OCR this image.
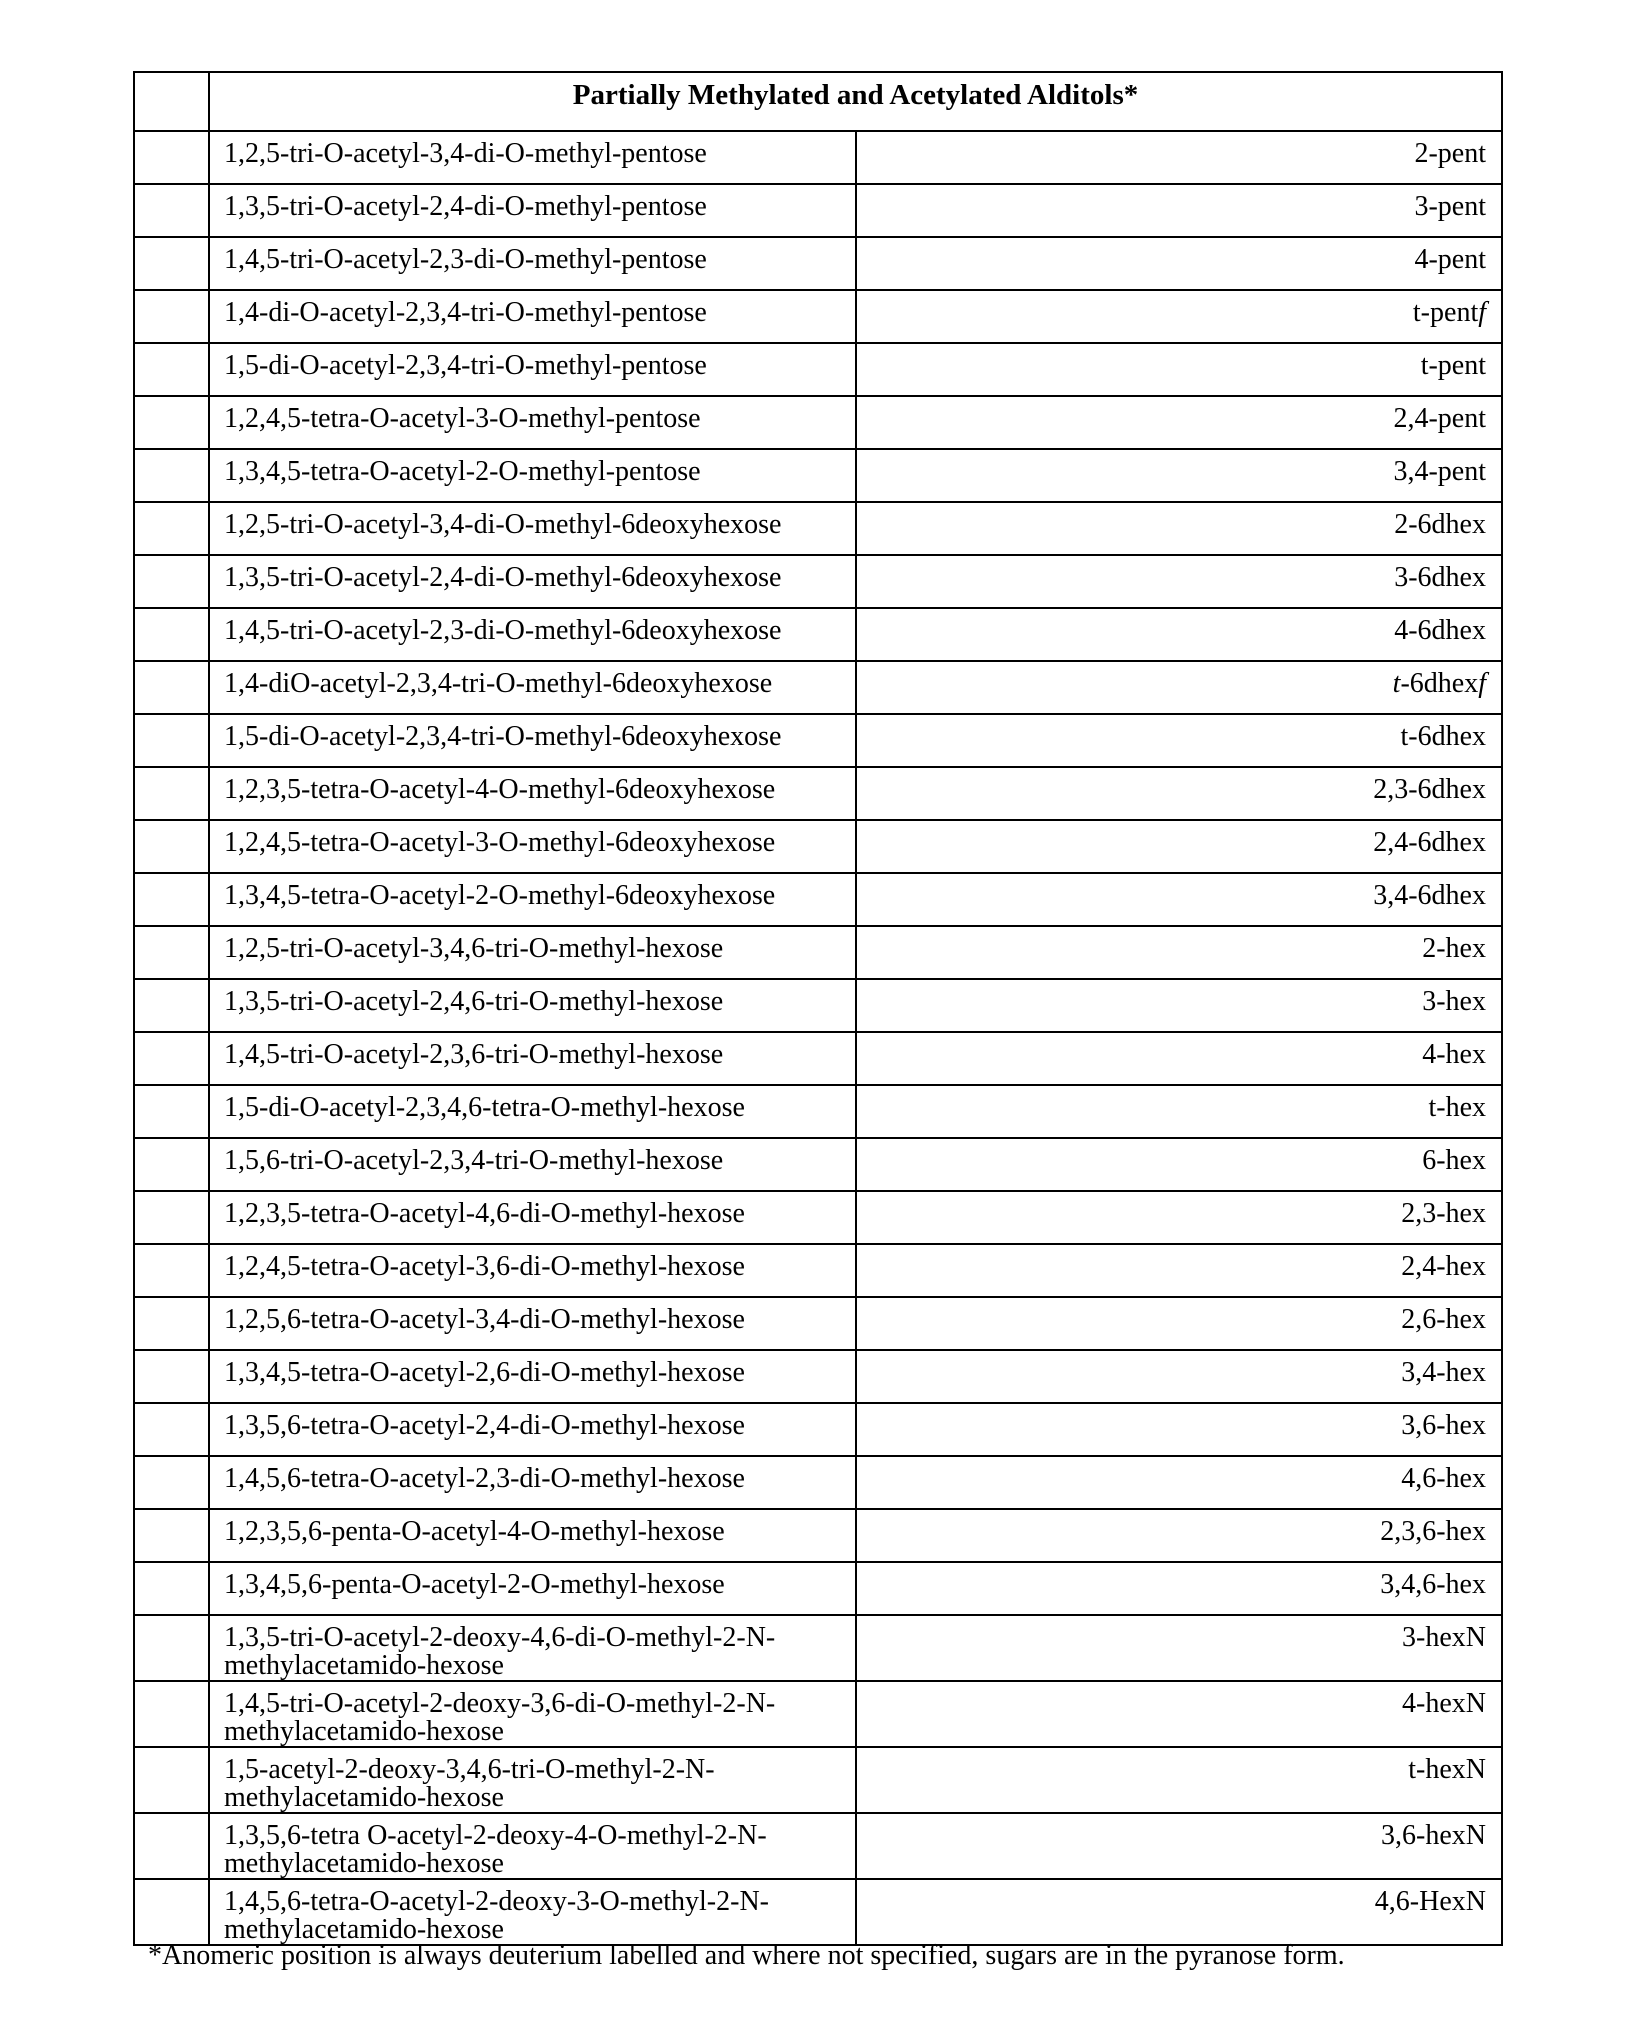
	Partially Methylated and Acetylated Alditols*	
	1,2,5-tri-O-acetyl-3,4-di-O-methyl-pentose	2-pent
	1,3,5-tri-O-acetyl-2,4-di-O-methyl-pentose	3-pent
	1,4,5-tri-O-acetyl-2,3-di-O-methyl-pentose	4-pent
	1,4-di-O-acetyl-2,3,4-tri-O-methyl-pentose	t-pentf
	1,5-di-O-acetyl-2,3,4-tri-O-methyl-pentose	t-pent
	1,2,4,5-tetra-O-acetyl-3-O-methyl-pentose	2,4-pent
	1,3,4,5-tetra-O-acetyl-2-O-methyl-pentose	3,4-pent
	1,2,5-tri-O-acetyl-3,4-di-O-methyl-6deoxyhexose	2-6dhex
	1,3,5-tri-O-acetyl-2,4-di-O-methyl-6deoxyhexose	3-6dhex
	1,4,5-tri-O-acetyl-2,3-di-O-methyl-6deoxyhexose	4-6dhex
	1,4-diO-acetyl-2,3,4-tri-O-methyl-6deoxyhexose	t-6dhexf
	1,5-di-O-acetyl-2,3,4-tri-O-methyl-6deoxyhexose	t-6dhex
	1,2,3,5-tetra-O-acetyl-4-O-methyl-6deoxyhexose	2,3-6dhex
	1,2,4,5-tetra-O-acetyl-3-O-methyl-6deoxyhexose	2,4-6dhex
	1,3,4,5-tetra-O-acetyl-2-O-methyl-6deoxyhexose	3,4-6dhex
	1,2,5-tri-O-acetyl-3,4,6-tri-O-methyl-hexose	2-hex
	1,3,5-tri-O-acetyl-2,4,6-tri-O-methyl-hexose	3-hex
	1,4,5-tri-O-acetyl-2,3,6-tri-O-methyl-hexose	4-hex
	1,5-di-O-acetyl-2,3,4,6-tetra-O-methyl-hexose	t-hex
	1,5,6-tri-O-acetyl-2,3,4-tri-O-methyl-hexose	6-hex
	1,2,3,5-tetra-O-acetyl-4,6-di-O-methyl-hexose	2,3-hex
	1,2,4,5-tetra-O-acetyl-3,6-di-O-methyl-hexose	2,4-hex
	1,2,5,6-tetra-O-acetyl-3,4-di-O-methyl-hexose	2,6-hex
	1,3,4,5-tetra-O-acetyl-2,6-di-O-methyl-hexose	3,4-hex
	1,3,5,6-tetra-O-acetyl-2,4-di-O-methyl-hexose	3,6-hex
	1,4,5,6-tetra-O-acetyl-2,3-di-O-methyl-hexose	4,6-hex
	1,2,3,5,6-penta-O-acetyl-4-O-methyl-hexose	2,3,6-hex
	1,3,4,5,6-penta-O-acetyl-2-O-methyl-hexose	3,4,6-hex
	1,3,5-tri-O-acetyl-2-deoxy-4,6-di-O-methyl-2-N-methylacetamido-hexose	3-hexN
	1,4,5-tri-O-acetyl-2-deoxy-3,6-di-O-methyl-2-N-methylacetamido-hexose	4-hexN
	1,5-acetyl-2-deoxy-3,4,6-tri-O-methyl-2-N-methylacetamido-hexose	t-hexN
	1,3,5,6-tetra O-acetyl-2-deoxy-4-O-methyl-2-N-methylacetamido-hexose	3,6-hexN
	1,4,5,6-tetra-O-acetyl-2-deoxy-3-O-methyl-2-N-methylacetamido-hexose	4,6-HexN
*Anomeric position is always deuterium labelled and where not specified, sugars are in the pyranose form.
